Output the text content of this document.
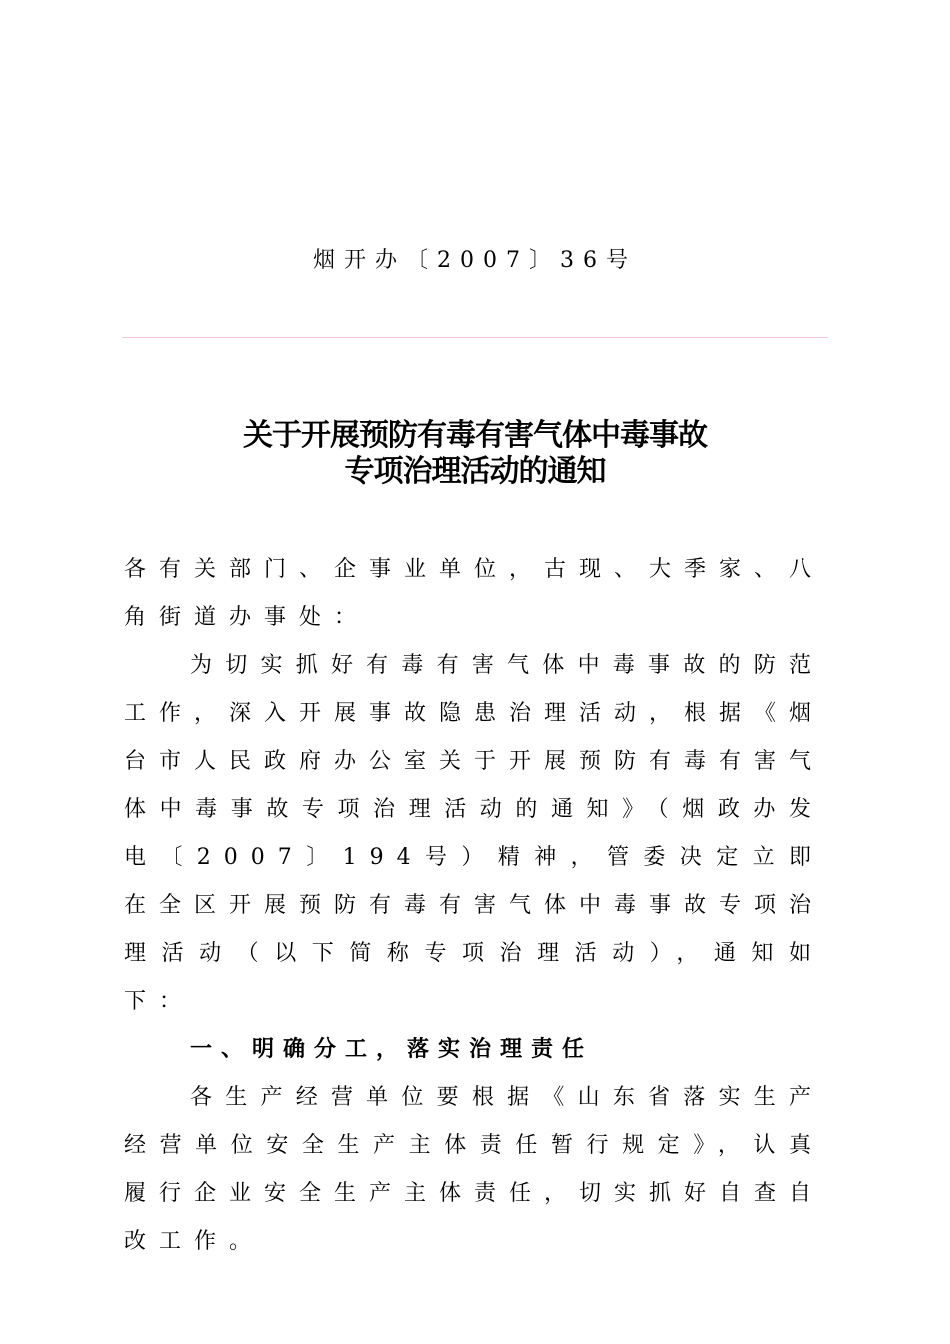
烟开办〔2007〕36号
关于开展预防有毒有害气体中毒事故
专项治理活动的通知

各有关部门、企事业单位，古现、大季家、八角街道办事处：

为切实抓好有毒有害气体中毒事故的防范工作，深入开展事故隐患治理活动，根据《烟台市人民政府办公室关于开展预防有毒有害气体中毒事故专项治理活动的通知》（烟政办发电〔2007〕194号）精神，管委决定立即在全区开展预防有毒有害气体中毒事故专项治理活动（以下简称专项治理活动），通知如下：

一、明确分工，落实治理责任

各生产经营单位要根据《山东省落实生产经营单位安全生产主体责任暂行规定》，认真履行企业安全生产主体责任，切实抓好自查自改工作。
